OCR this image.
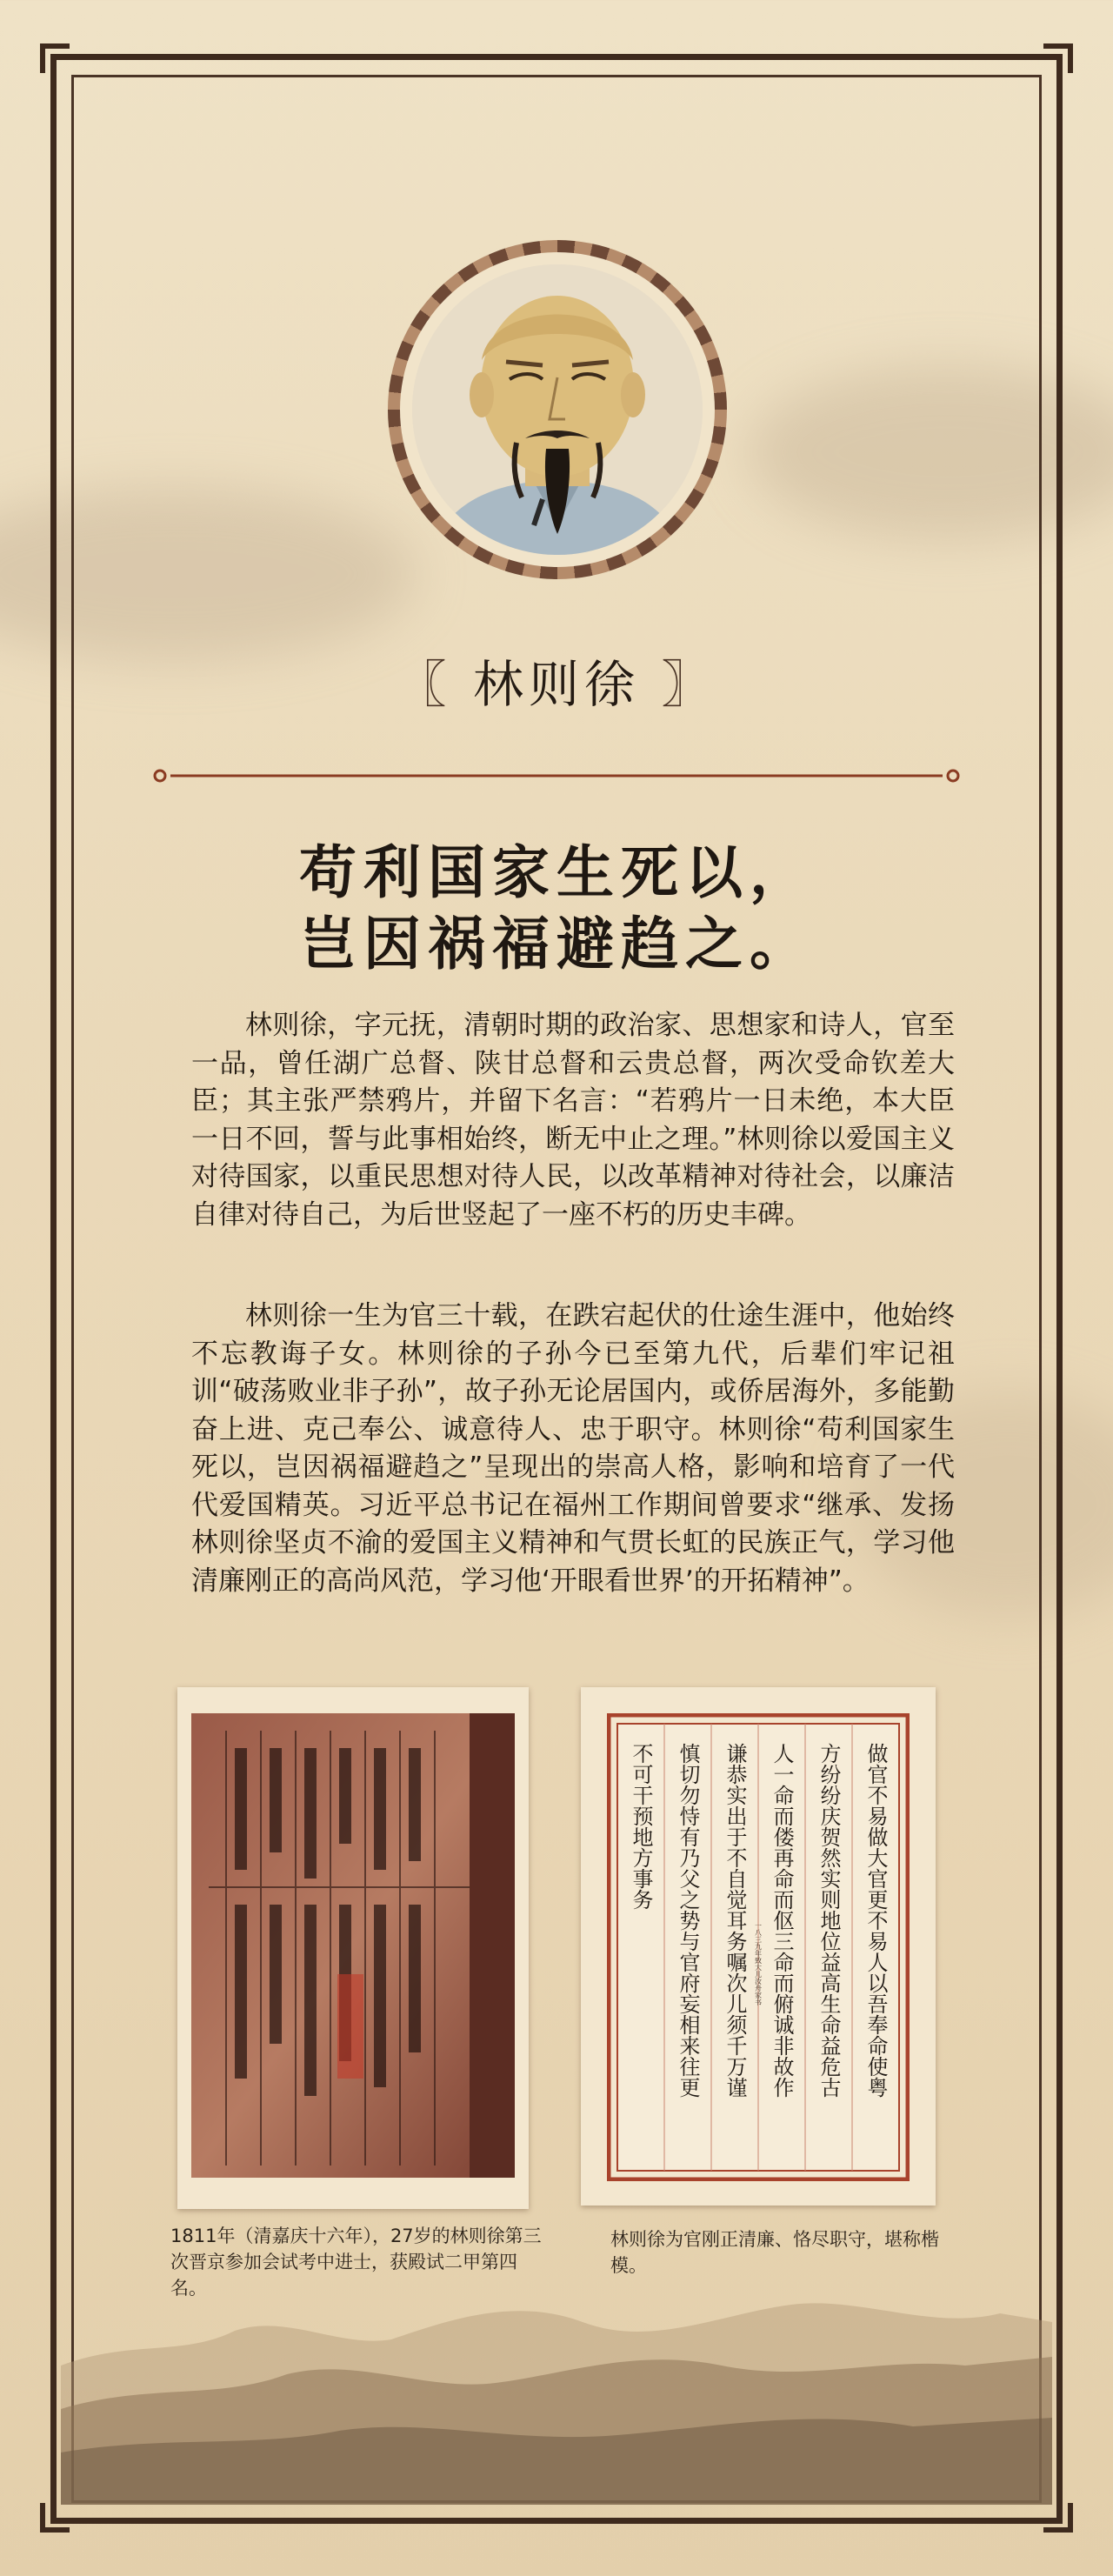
〖 林则徐 〗
苟利国家生死以，
岂因祸福避趋之。

林则徐，字元抚，清朝时期的政治家、思想家和诗人，官至一品，曾任湖广总督、陕甘总督和云贵总督，两次受命钦差大臣；其主张严禁鸦片，并留下名言：“若鸦片一日未绝，本大臣一日不回，誓与此事相始终，断无中止之理。”林则徐以爱国主义对待国家，以重民思想对待人民，以改革精神对待社会，以廉洁自律对待自己，为后世竖起了一座不朽的历史丰碑。

林则徐一生为官三十载，在跌宕起伏的仕途生涯中，他始终不忘教诲子女。林则徐的子孙今已至第九代，后辈们牢记祖训“破荡败业非子孙”，故子孙无论居国内，或侨居海外，多能勤奋上进、克己奉公、诚意待人、忠于职守。林则徐“苟利国家生死以，岂因祸福避趋之”呈现出的崇高人格，影响和培育了一代代爱国精英。习近平总书记在福州工作期间曾要求“继承、发扬林则徐坚贞不渝的爱国主义精神和气贯长虹的民族正气，学习他清廉刚正的高尚风范，学习他‘开眼看世界’的开拓精神”。

1811年（清嘉庆十六年），27岁的林则徐第三次晋京参加会试考中进士，获殿试二甲第四名。

做官不易做大官更不易人以吾奉命使粤
方纷纷庆贺然实则地位益高生命益危古
人一命而偻再命而伛三命而俯诚非故作
谦恭实出于不自觉耳务嘱次儿须千万谨
慎切勿恃有乃父之势与官府妄相来往更
不可干预地方事务
一八三九年致大儿汝舟家书

林则徐为官刚正清廉、恪尽职守，堪称楷模。
